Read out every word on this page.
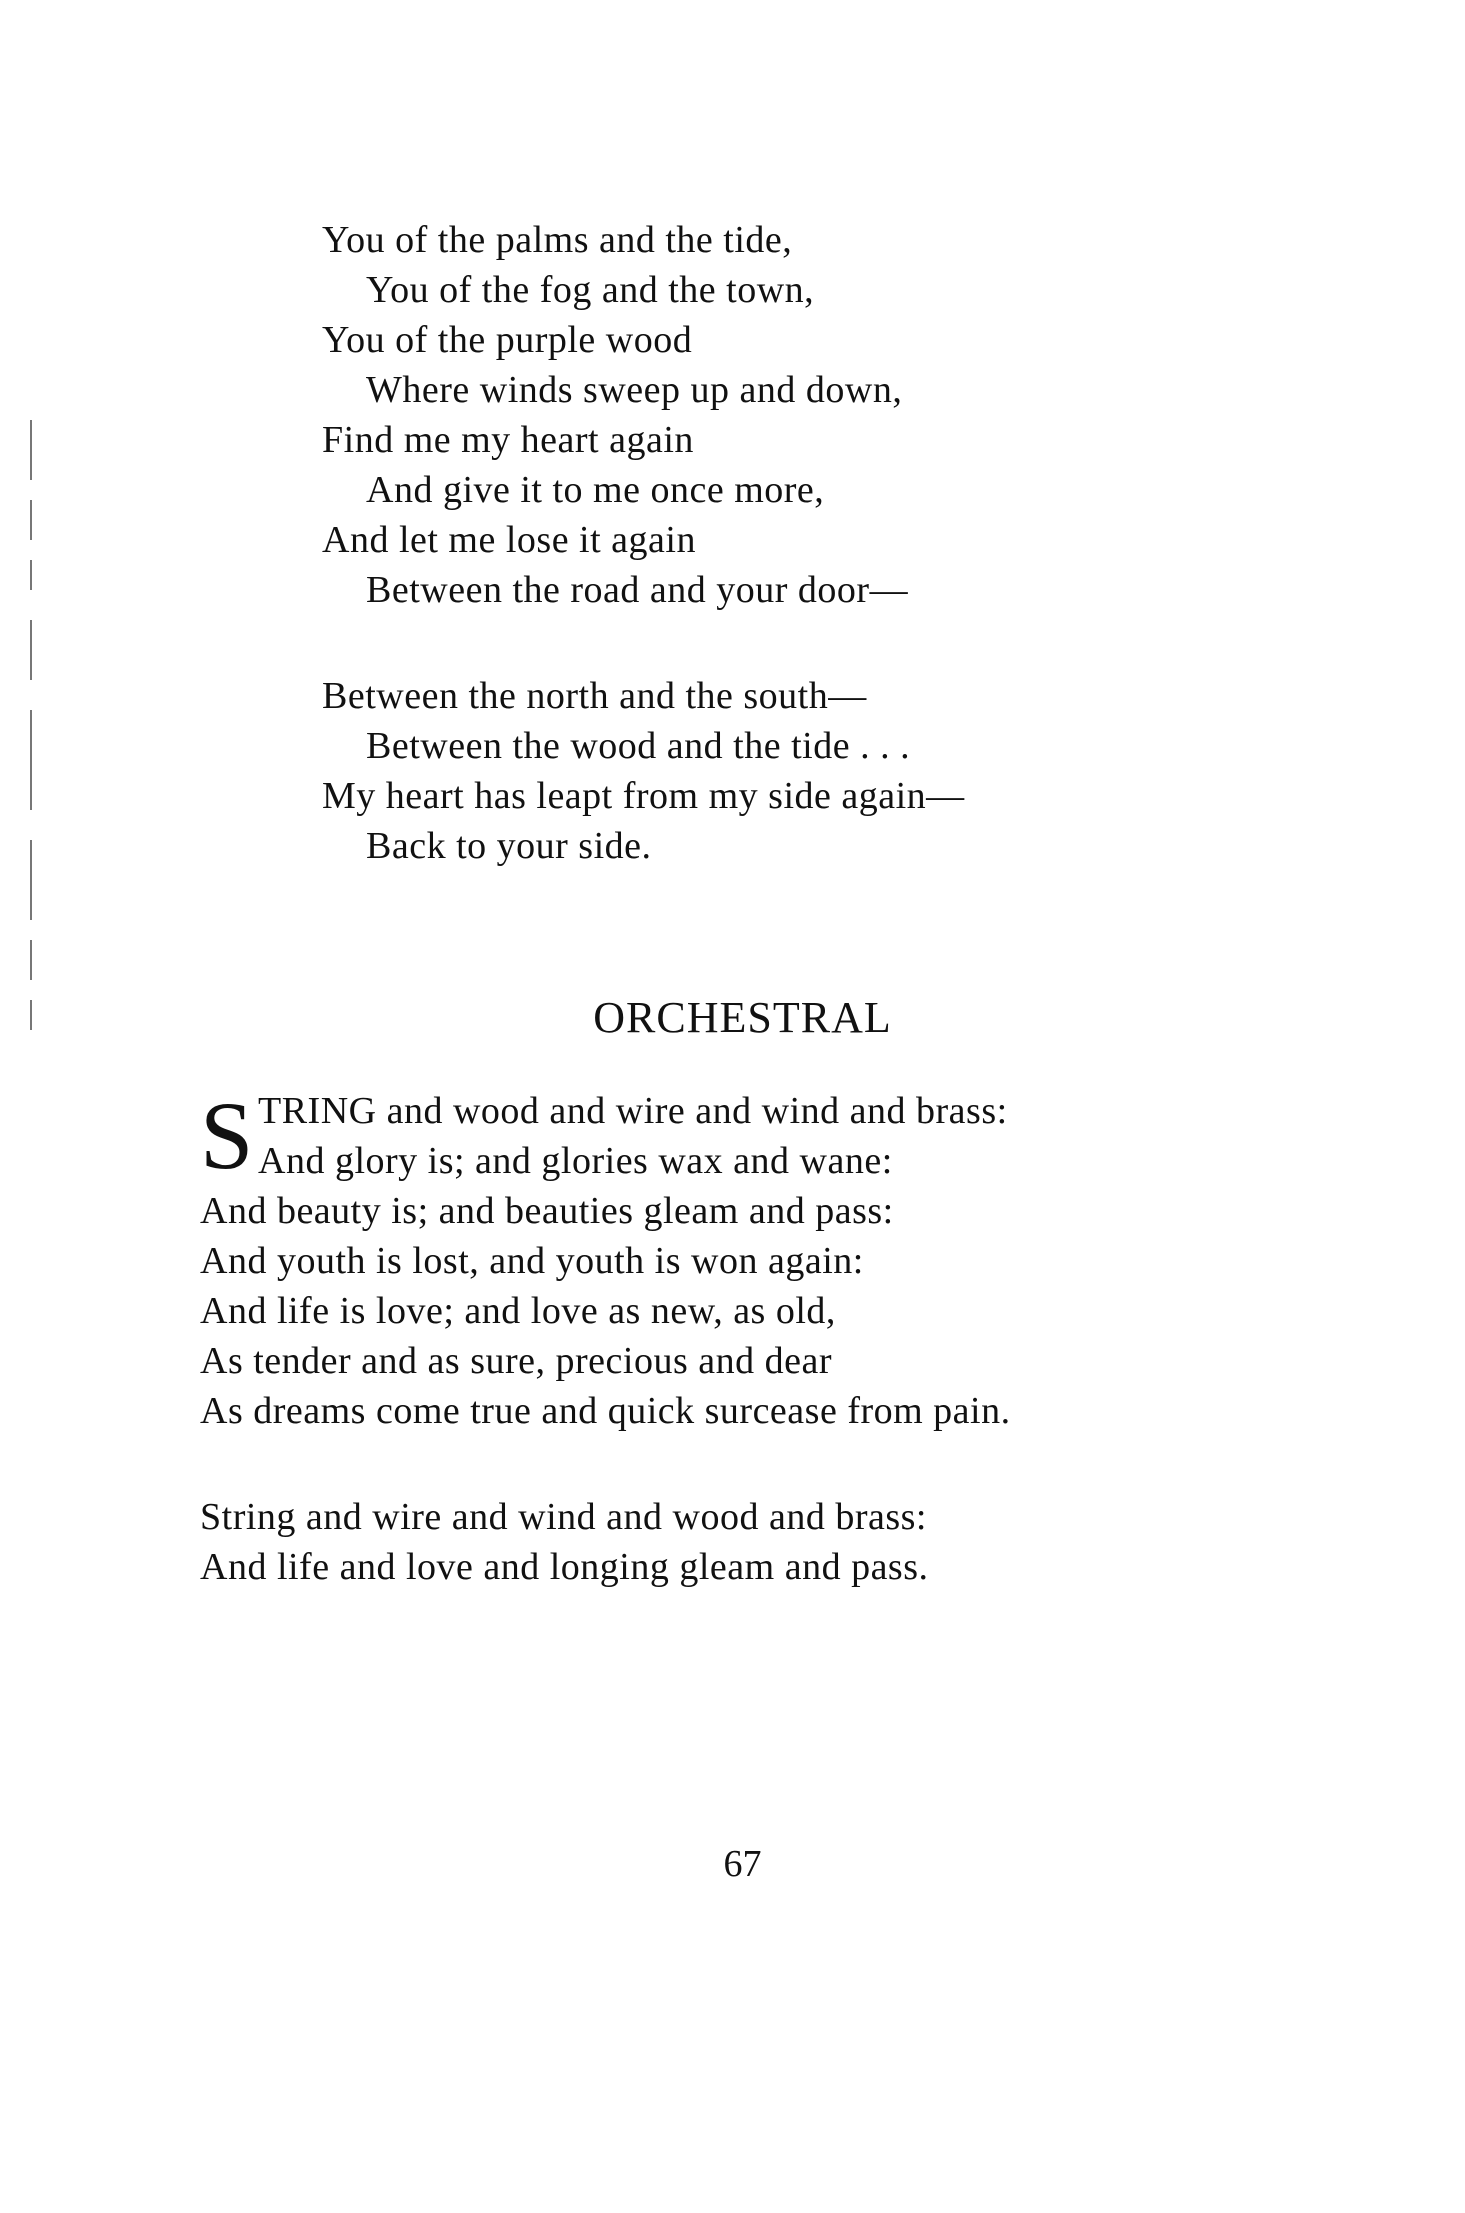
You of the palms and the tide,
You of the fog and the town,
You of the purple wood
Where winds sweep up and down,
Find me my heart again
And give it to me once more,
And let me lose it again
Between the road and your door—
Between the north and the south—
Between the wood and the tide . . .
My heart has leapt from my side again—
Back to your side.
ORCHESTRAL
S TRING and wood and wire and wind and brass:
And glory is; and glories wax and wane:
And beauty is; and beauties gleam and pass:
And youth is lost, and youth is won again:
And life is love; and love as new, as old,
As tender and as sure, precious and dear
As dreams come true and quick surcease from pain.
String and wire and wind and wood and brass:
And life and love and longing gleam and pass.
67
